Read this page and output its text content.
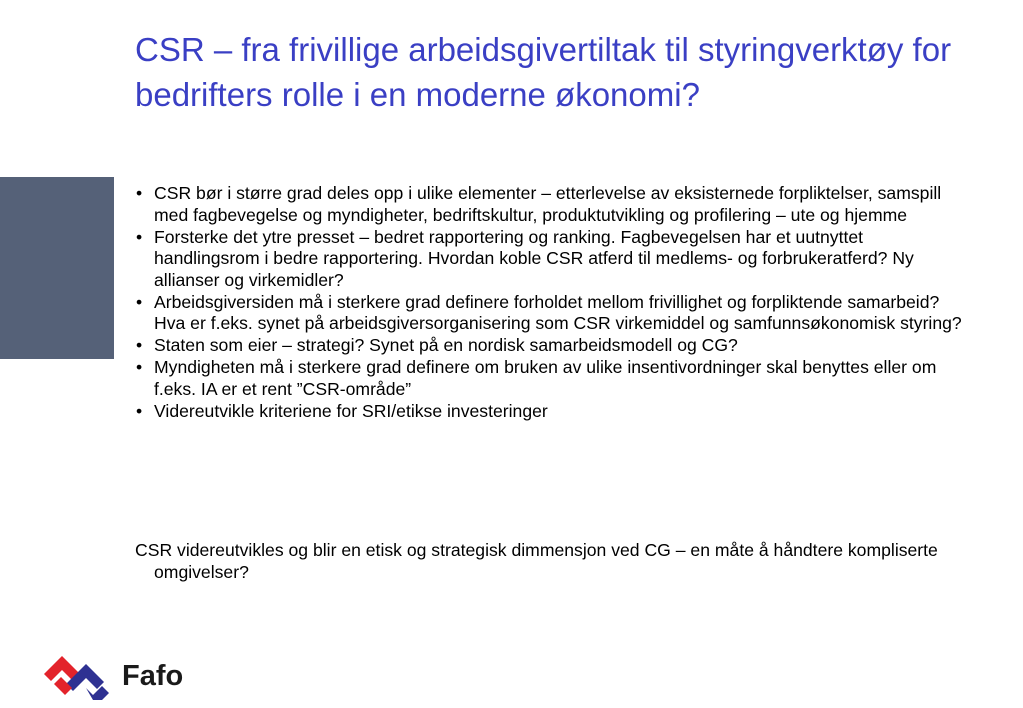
CSR – fra frivillige arbeidsgivertiltak til styringverktøy for bedrifters rolle i en moderne økonomi?
• CSR bør i større grad deles opp i ulike elementer – etterlevelse av eksisternede forpliktelser, samspill med fagbevegelse og myndigheter, bedriftskultur, produktutvikling og profilering – ute og hjemme
• Forsterke det ytre presset – bedret rapportering og ranking. Fagbevegelsen har et uutnyttet handlingsrom i bedre rapportering. Hvordan koble CSR atferd til medlems- og forbrukeratferd? Ny allianser og virkemidler?
• Arbeidsgiversiden må i sterkere grad definere forholdet mellom frivillighet og forpliktende samarbeid? Hva er f.eks. synet på arbeidsgiversorganisering som CSR virkemiddel og samfunnsøkonomisk styring?
• Staten som eier – strategi? Synet på en nordisk samarbeidsmodell og CG?
• Myndigheten må i sterkere grad definere om bruken av ulike insentivordninger skal benyttes eller om f.eks. IA er et rent ”CSR-område”
• Videreutvikle kriteriene for SRI/etikse investeringer

CSR videreutvikles og blir en etisk og strategisk dimmensjon ved CG – en måte å håndtere kompliserte omgivelser?

Fafo
